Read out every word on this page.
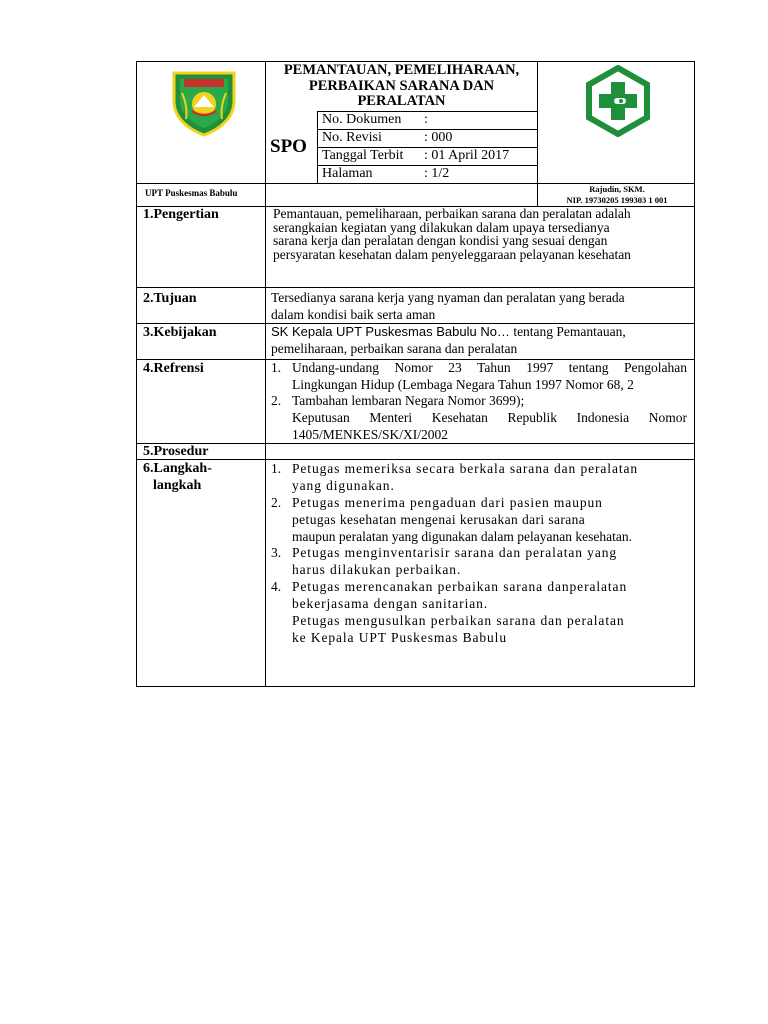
PEMANTAUAN, PEMELIHARAAN,
PERBAIKAN SARANA DAN
PERALATAN
SPO
No. Dokumen :
No. Revisi	: 000
Tanggal Terbit : 01 April 2017
Halaman	: 1/2
UPT Puskesmas Babulu	Rajudin, SKM.
NIP. 19730205 199303 1 001
1.Pengertian	Pemantauan, pemeliharaan, perbaikan sarana dan peralatan adalah
serangkaian kegiatan yang dilakukan dalam upaya tersedianya
sarana kerja dan peralatan dengan kondisi yang sesuai dengan
persyaratan kesehatan dalam penyeleggaraan pelayanan kesehatan
2.Tujuan	Tersedianya sarana kerja yang nyaman dan peralatan yang berada
dalam kondisi baik serta aman
3.Kebijakan	SK Kepala UPT Puskesmas Babulu No… tentang Pemantauan,
pemeliharaan, perbaikan sarana dan peralatan
4.Refrensi	1. Undang-undang Nomor 23 Tahun 1997 tentang Pengolahan
Lingkungan Hidup (Lembaga Negara Tahun 1997 Nomor 68, 2
2. Tambahan lembaran Negara Nomor 3699);
Keputusan Menteri Kesehatan Republik Indonesia Nomor
1405/MENKES/SK/XI/2002
5.Prosedur
6.Langkah-
langkah
1. Petugas memeriksa secara berkala sarana dan peralatan
yang digunakan.
2. Petugas menerima pengaduan dari pasien maupun
petugas kesehatan mengenai kerusakan dari sarana
maupun peralatan yang digunakan dalam pelayanan kesehatan.
3. Petugas menginventarisir sarana dan peralatan yang
harus dilakukan perbaikan.
4. Petugas merencanakan perbaikan sarana danperalatan
bekerjasama dengan sanitarian.
Petugas mengusulkan perbaikan sarana dan peralatan
ke Kepala UPT Puskesmas Babulu
